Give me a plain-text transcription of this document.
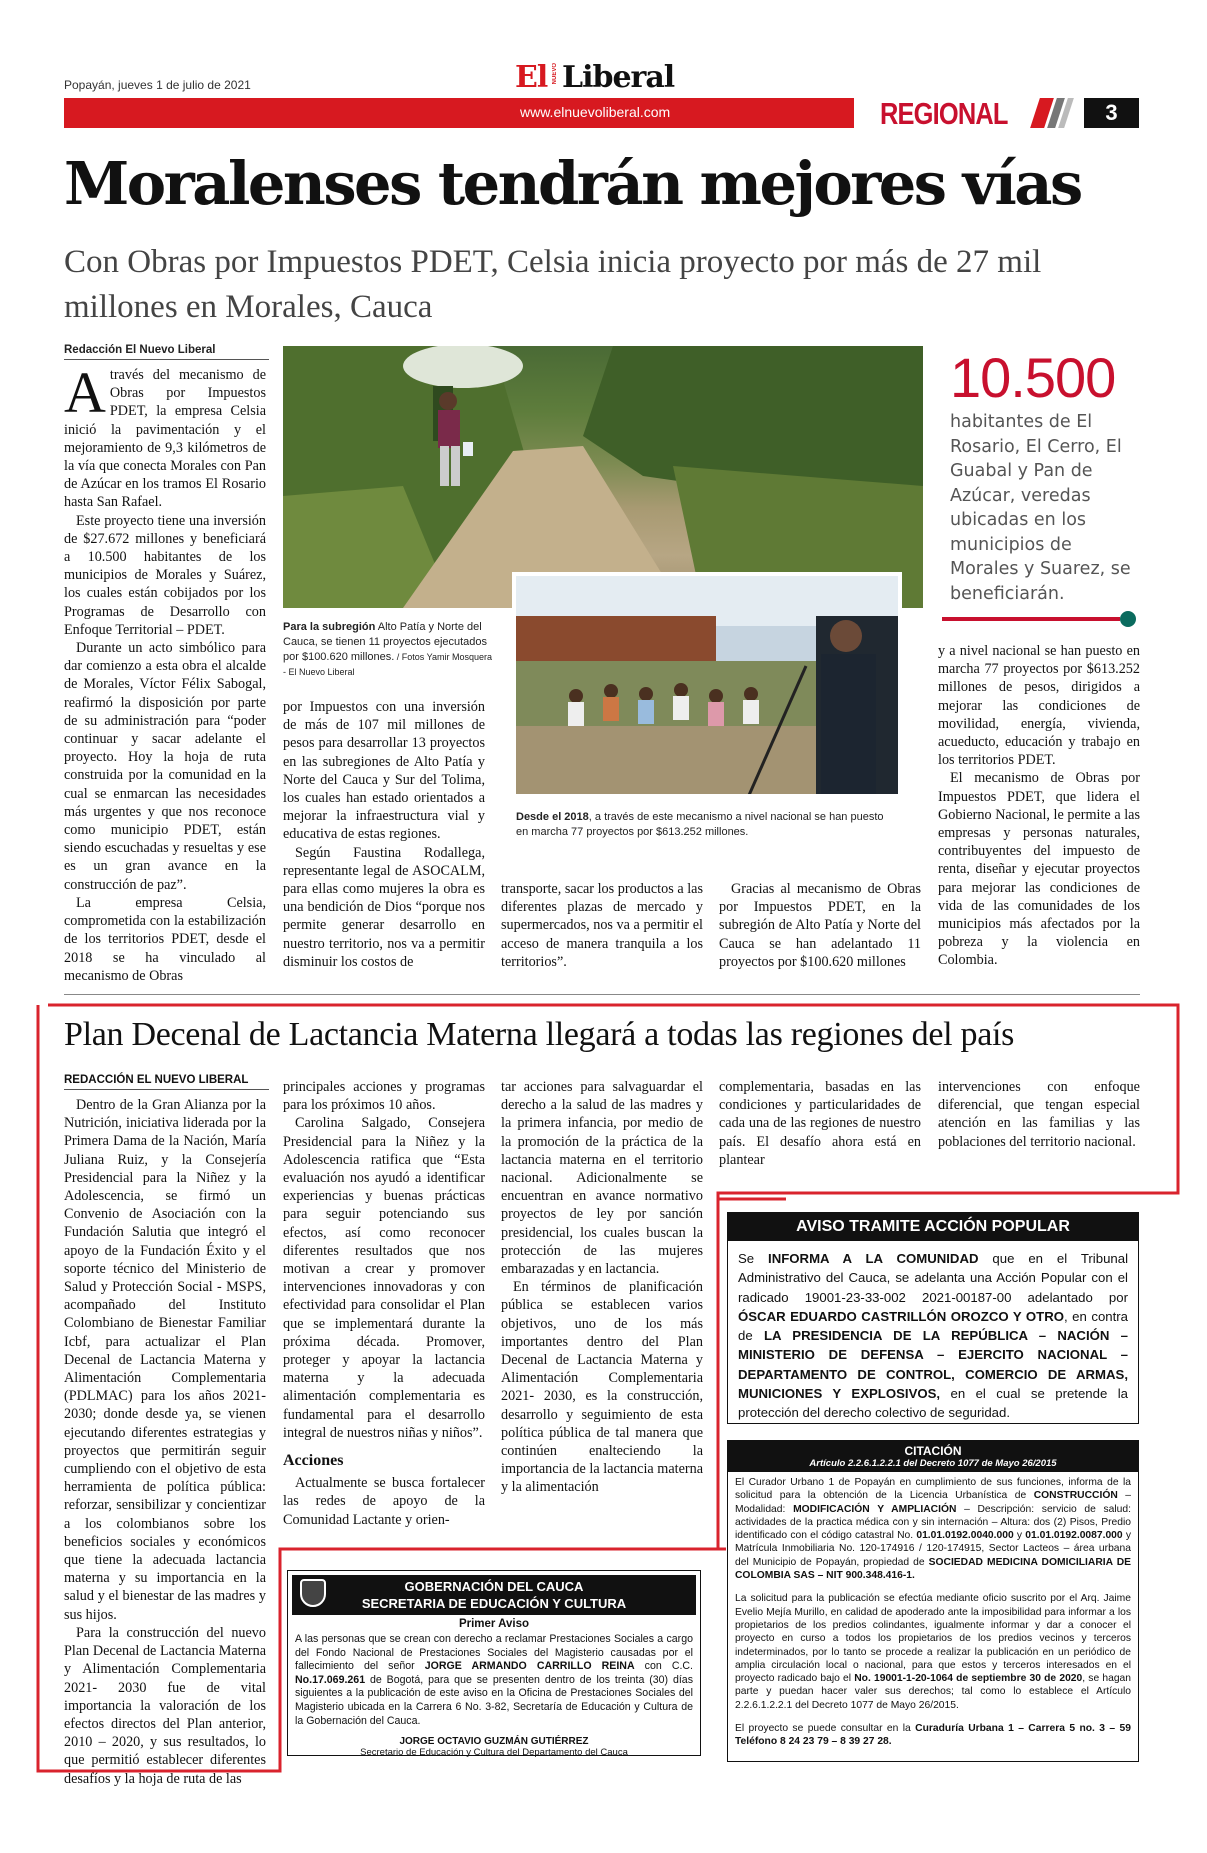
Popayán, jueves 1 de julio de 2021	El NUEVO Liberal
www.elnuevoliberal.com	REGIONAL	3
Moralenses tendrán mejores vías
Con Obras por Impuestos PDET, Celsia inicia proyecto por más de 27 mil millones en Morales, Cauca
Redacción El Nuevo Liberal

Através del mecanismo de Obras por Impuestos PDET, la empresa Celsia inició la pavimentación y el mejoramiento de 9,3 kilómetros de la vía que conecta Morales con Pan de Azúcar en los tramos El Rosario hasta San Rafael.

Este proyecto tiene una inversión de $27.672 millones y beneficiará a 10.500 habitantes de los municipios de Morales y Suárez, los cuales están cobijados por los Programas de Desarrollo con Enfoque Territorial – PDET.

Durante un acto simbólico para dar comienzo a esta obra el alcalde de Morales, Víctor Félix Sabogal, reafirmó la disposición por parte de su administración para “poder continuar y sacar adelante el proyecto. Hoy la hoja de ruta construida por la comunidad en la cual se enmarcan las necesidades más urgentes y que nos reconoce como municipio PDET, están siendo escuchadas y resueltas y ese es un gran avance en la construcción de paz”.

La empresa Celsia, comprometida con la estabilización de los territorios PDET, desde el 2018 se ha vinculado al mecanismo de Obras

Para la subregión Alto Patía y Norte del Cauca, se tienen 11 proyectos ejecutados por $100.620 millones. / Fotos Yamir Mosquera - El Nuevo Liberal
Desde el 2018, a través de este mecanismo a nivel nacional se han puesto en marcha 77 proyectos por $613.252 millones.

por Impuestos con una inversión de más de 107 mil millones de pesos para desarrollar 13 proyectos en las subregiones de Alto Patía y Norte del Cauca y Sur del Tolima, los cuales han estado orientados a mejorar la infraestructura vial y educativa de estas regiones.

Según Faustina Rodallega, representante legal de ASOCALM, para ellas como mujeres la obra es una bendición de Dios “porque nos permite generar desarrollo en nuestro territorio, nos va a permitir disminuir los costos de

transporte, sacar los productos a las diferentes plazas de mercado y supermercados, nos va a permitir el acceso de manera tranquila a los territorios”.

Gracias al mecanismo de Obras por Impuestos PDET, en la subregión de Alto Patía y Norte del Cauca se han adelantado 11 proyectos por $100.620 millones

10.500
habitantes de El Rosario, El Cerro, El Guabal y Pan de Azúcar, veredas ubicadas en los municipios de Morales y Suarez, se beneficiarán.

y a nivel nacional se han puesto en marcha 77 proyectos por $613.252 millones de pesos, dirigidos a mejorar las condiciones de movilidad, energía, vivienda, acueducto, educación y trabajo en los territorios PDET.

El mecanismo de Obras por Impuestos PDET, que lidera el Gobierno Nacional, le permite a las empresas y personas naturales, contribuyentes del impuesto de renta, diseñar y ejecutar proyectos para mejorar las condiciones de vida de las comunidades de los municipios más afectados por la pobreza y la violencia en Colombia.

Plan Decenal de Lactancia Materna llegará a todas las regiones del país
REDACCIÓN EL NUEVO LIBERAL

Dentro de la Gran Alianza por la Nutrición, iniciativa liderada por la Primera Dama de la Nación, María Juliana Ruiz, y la Consejería Presidencial para la Niñez y la Adolescencia, se firmó un Convenio de Asociación con la Fundación Salutia que integró el apoyo de la Fundación Éxito y el soporte técnico del Ministerio de Salud y Protección Social - MSPS, acompañado del Instituto Colombiano de Bienestar Familiar Icbf, para actualizar el Plan Decenal de Lactancia Materna y Alimentación Complementaria (PDLMAC) para los años 2021-2030; donde desde ya, se vienen ejecutando diferentes estrategias y proyectos que permitirán seguir cumpliendo con el objetivo de esta herramienta de política pública: reforzar, sensibilizar y concientizar a los colombianos sobre los beneficios sociales y económicos que tiene la adecuada lactancia materna y su importancia en la salud y el bienestar de las madres y sus hijos.

Para la construcción del nuevo Plan Decenal de Lactancia Materna y Alimentación Complementaria 2021- 2030 fue de vital importancia la valoración de los efectos directos del Plan anterior, 2010 – 2020, y sus resultados, lo que permitió establecer diferentes desafíos y la hoja de ruta de las

principales acciones y programas para los próximos 10 años.

Carolina Salgado, Consejera Presidencial para la Niñez y la Adolescencia ratifica que “Esta evaluación nos ayudó a identificar experiencias y buenas prácticas para seguir potenciando sus efectos, así como reconocer diferentes resultados que nos motivan a crear y promover intervenciones innovadoras y con efectividad para consolidar el Plan que se implementará durante la próxima década. Promover, proteger y apoyar la lactancia materna y la adecuada alimentación complementaria es fundamental para el desarrollo integral de nuestros niñas y niños”.

Acciones

Actualmente se busca fortalecer las redes de apoyo de la Comunidad Lactante y orien-

tar acciones para salvaguardar el derecho a la salud de las madres y la primera infancia, por medio de la promoción de la práctica de la lactancia materna en el territorio nacional. Adicionalmente se encuentran en avance normativo proyectos de ley por sanción presidencial, los cuales buscan la protección de las mujeres embarazadas y en lactancia.

En términos de planificación pública se establecen varios objetivos, uno de los más importantes dentro del Plan Decenal de Lactancia Materna y Alimentación Complementaria 2021- 2030, es la construcción, desarrollo y seguimiento de esta política pública de tal manera que continúen enalteciendo la importancia de la lactancia materna y la alimentación

complementaria, basadas en las condiciones y particularidades de cada una de las regiones de nuestro país. El desafío ahora está en plantear

intervenciones con enfoque diferencial, que tengan especial atención en las familias y las poblaciones del territorio nacional.

AVISO TRAMITE ACCIÓN POPULAR
Se INFORMA A LA COMUNIDAD que en el Tribunal Administrativo del Cauca, se adelanta una Acción Popular con el radicado 19001-23-33-002 2021-00187-00 adelantado por ÓSCAR EDUARDO CASTRILLÓN OROZCO Y OTRO, en contra de LA PRESIDENCIA DE LA REPÚBLICA – NACIÓN – MINISTERIO DE DEFENSA – EJERCITO NACIONAL – DEPARTAMENTO DE CONTROL, COMERCIO DE ARMAS, MUNICIONES Y EXPLOSIVOS, en el cual se pretende la protección del derecho colectivo de seguridad.
CITACIÓN
Artículo 2.2.6.1.2.2.1 del Decreto 1077 de Mayo 26/2015

El Curador Urbano 1 de Popayán en cumplimiento de sus funciones, informa de la solicitud para la obtención de la Licencia Urbanística de CONSTRUCCIÓN – Modalidad: MODIFICACIÓN Y AMPLIACIÓN – Descripción: servicio de salud: actividades de la practica médica con y sin internación – Altura: dos (2) Pisos, Predio identificado con el código catastral No. 01.01.0192.0040.000 y 01.01.0192.0087.000 y Matrícula Inmobiliaria No. 120-174916 / 120-174915, Sector Lacteos – área urbana del Municipio de Popayán, propiedad de SOCIEDAD MEDICINA DOMICILIARIA DE COLOMBIA SAS – NIT 900.348.416-1.

La solicitud para la publicación se efectúa mediante oficio suscrito por el Arq. Jaime Evelio Mejía Murillo, en calidad de apoderado ante la imposibilidad para informar a los propietarios de los predios colindantes, igualmente informar y dar a conocer el proyecto en curso a todos los propietarios de los predios vecinos y terceros indeterminados, por lo tanto se procede a realizar la publicación en un periódico de amplia circulación local o nacional, para que estos y terceros interesados en el proyecto radicado bajo el No. 19001-1-20-1064 de septiembre 30 de 2020, se hagan parte y puedan hacer valer sus derechos; tal como lo establece el Artículo 2.2.6.1.2.2.1 del Decreto 1077 de Mayo 26/2015.

El proyecto se puede consultar en la Curaduría Urbana 1 – Carrera 5 no. 3 – 59 Teléfono 8 24 23 79 – 8 39 27 28.

GOBERNACIÓN DEL CAUCA
SECRETARIA DE EDUCACIÓN Y CULTURA
Primer Aviso
A las personas que se crean con derecho a reclamar Prestaciones Sociales a cargo del Fondo Nacional de Prestaciones Sociales del Magisterio causadas por el fallecimiento del señor JORGE ARMANDO CARRILLO REINA con C.C. No.17.069.261 de Bogotá, para que se presenten dentro de los treinta (30) días siguientes a la publicación de este aviso en la Oficina de Prestaciones Sociales del Magisterio ubicada en la Carrera 6 No. 3-82, Secretaría de Educación y Cultura de la Gobernación del Cauca.
JORGE OCTAVIO GUZMÁN GUTIÉRREZ
Secretario de Educación y Cultura del Departamento del Cauca
